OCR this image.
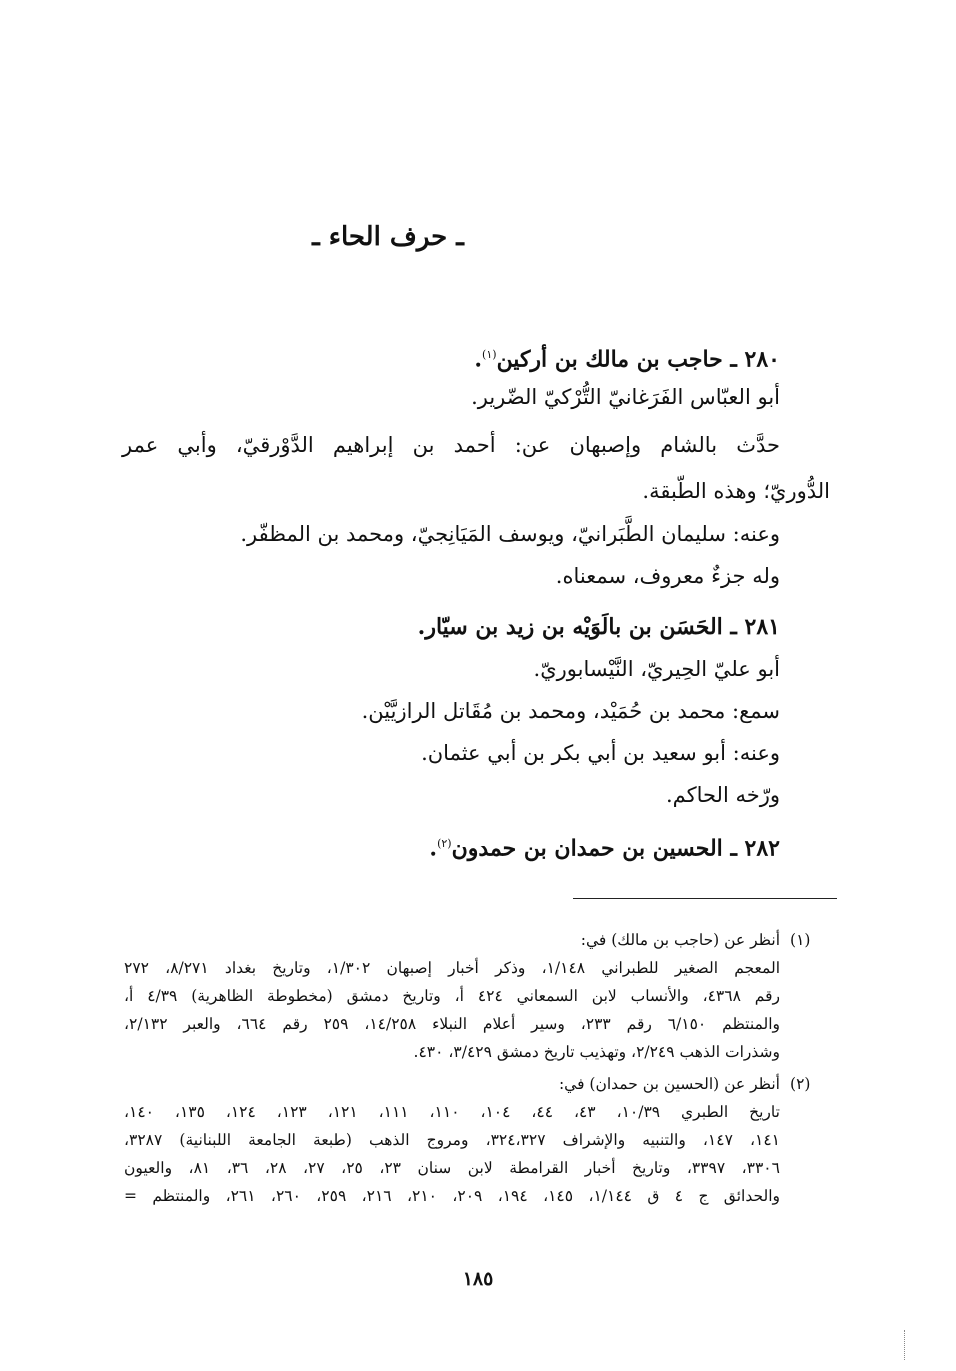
ـ حرف الحاء ـ
٢٨٠ ـ حاجب بن مالك بن أركين$^{(١)}$.
أبو العبّاس الفَرَغانيّ التُّرْكيّ الضّرير.
حدَّث بالشام وإصبهان عن: أحمد بن إبراهيم الدَّوْرقيّ، وأبي عمر
الدُّوريّ؛ وهذه الطّبقة.
وعنه: سليمان الطَّبَرانيّ، ويوسف المَيَانِجيّ، ومحمد بن المظفّر.
وله جزءٌ معروف، سمعناه.
٢٨١ ـ الحَسَن بن بالَوَيْه بن زيد بن سيّار.
أبو عليّ الحِيريّ، النَّيْسابوريّ.
سمع: محمد بن حُمَيْد، ومحمد بن مُقَاتل الرازيَّيْن.
وعنه: أبو سعيد بن أبي بكر بن أبي عثمان.
ورّخه الحاكم.
٢٨٢ ـ الحسين بن حمدان بن حمدون$^{(٢)}$.
(١)
أنظر عن (حاجب بن مالك) في:
المعجم الصغير للطبراني ١/١٤٨، وذكر أخبار إصبهان ١/٣٠٢، وتاريخ بغداد ٨/٢٧١، ٢٧٢
رقم ٤٣٦٨، والأنساب لابن السمعاني ٤٢٤ أ، وتاريخ دمشق (مخطوطة الظاهرية) ٤/٣٩ أ،
والمنتظم ٦/١٥٠ رقم ٢٣٣، وسير أعلام النبلاء ١٤/٢٥٨، ٢٥٩ رقم ٦٦٤، والعبر ٢/١٣٢،
وشذرات الذهب ٢/٢٤٩، وتهذيب تاريخ دمشق ٣/٤٢٩، ٤٣٠.
(٢)
أنظر عن (الحسين بن حمدان) في:
تاريخ الطبري ١٠/٣٩، ٤٣، ٤٤، ١٠٤، ١١٠، ١١١، ١٢١، ١٢٣، ١٢٤، ١٣٥، ١٤٠،
١٤١، ١٤٧، والتنبيه والإشراف ٣٢٤،٣٢٧، ومروج الذهب (طبعة الجامعة اللبنانية) ٣٢٨٧،
٣٣٠٦، ٣٣٩٧، وتاريخ أخبار القرامطة لابن سنان ٢٣، ٢٥، ٢٧، ٢٨، ٣٦، ٨١، والعيون
والحدائق ج ٤ ق ١/١٤٤، ١٤٥، ١٩٤، ٢٠٩، ٢١٠، ٢١٦، ٢٥٩، ٢٦٠، ٢٦١، والمنتظم =
١٨٥
